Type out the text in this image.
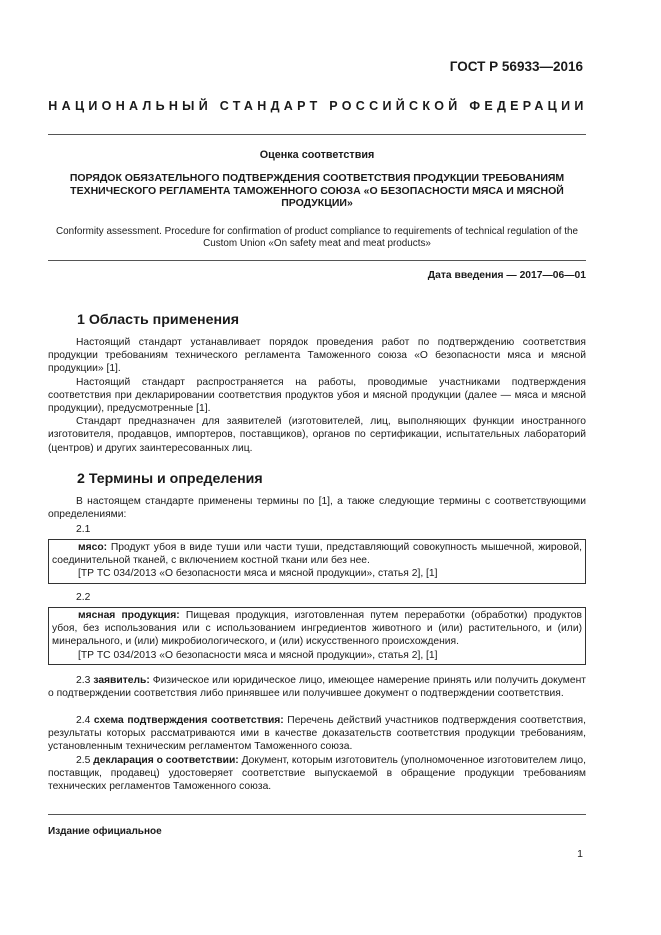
ГОСТ Р 56933—2016
НАЦИОНАЛЬНЫЙ СТАНДАРТ РОССИЙСКОЙ ФЕДЕРАЦИИ
Оценка соответствия
ПОРЯДОК ОБЯЗАТЕЛЬНОГО ПОДТВЕРЖДЕНИЯ СООТВЕТСТВИЯ ПРОДУКЦИИ ТРЕБОВАНИЯМ ТЕХНИЧЕСКОГО РЕГЛАМЕНТА ТАМОЖЕННОГО СОЮЗА «О БЕЗОПАСНОСТИ МЯСА И МЯСНОЙ ПРОДУКЦИИ»
Conformity assessment. Procedure for confirmation of product compliance to requirements of technical regulation of the Custom Union «On safety meat and meat products»
Дата введения — 2017—06—01
1 Область применения

Настоящий стандарт устанавливает порядок проведения работ по подтверждению соответствия продукции требованиям технического регламента Таможенного союза «О безопасности мяса и мясной продукции» [1].

Настоящий стандарт распространяется на работы, проводимые участниками подтверждения соответствия при декларировании соответствия продуктов убоя и мясной продукции (далее — мяса и мясной продукции), предусмотренные [1].

Стандарт предназначен для заявителей (изготовителей, лиц, выполняющих функции иностранного изготовителя, продавцов, импортеров, поставщиков), органов по сертификации, испытательных лабораторий (центров) и других заинтересованных лиц.

2 Термины и определения

В настоящем стандарте применены термины по [1], а также следующие термины с соответствующими определениями:

2.1

мясо: Продукт убоя в виде туши или части туши, представляющий совокупность мышечной, жировой, соединительной тканей, с включением костной ткани или без нее.

[ТР ТС 034/2013 «О безопасности мяса и мясной продукции», статья 2], [1]

2.2

мясная продукция: Пищевая продукция, изготовленная путем переработки (обработки) продуктов убоя, без использования или с использованием ингредиентов животного и (или) растительного, и (или) минерального, и (или) микробиологического, и (или) искусственного происхождения.

[ТР ТС 034/2013 «О безопасности мяса и мясной продукции», статья 2], [1]

2.3 заявитель: Физическое или юридическое лицо, имеющее намерение принять или получить документ о подтверждении соответствия либо принявшее или получившее документ о подтверждении соответствия.

2.4 схема подтверждения соответствия: Перечень действий участников подтверждения соответствия, результаты которых рассматриваются ими в качестве доказательств соответствия продукции требованиям, установленным техническим регламентом Таможенного союза.

2.5 декларация о соответствии: Документ, которым изготовитель (уполномоченное изготовителем лицо, поставщик, продавец) удостоверяет соответствие выпускаемой в обращение продукции требованиям технических регламентов Таможенного союза.

Издание официальное
1
